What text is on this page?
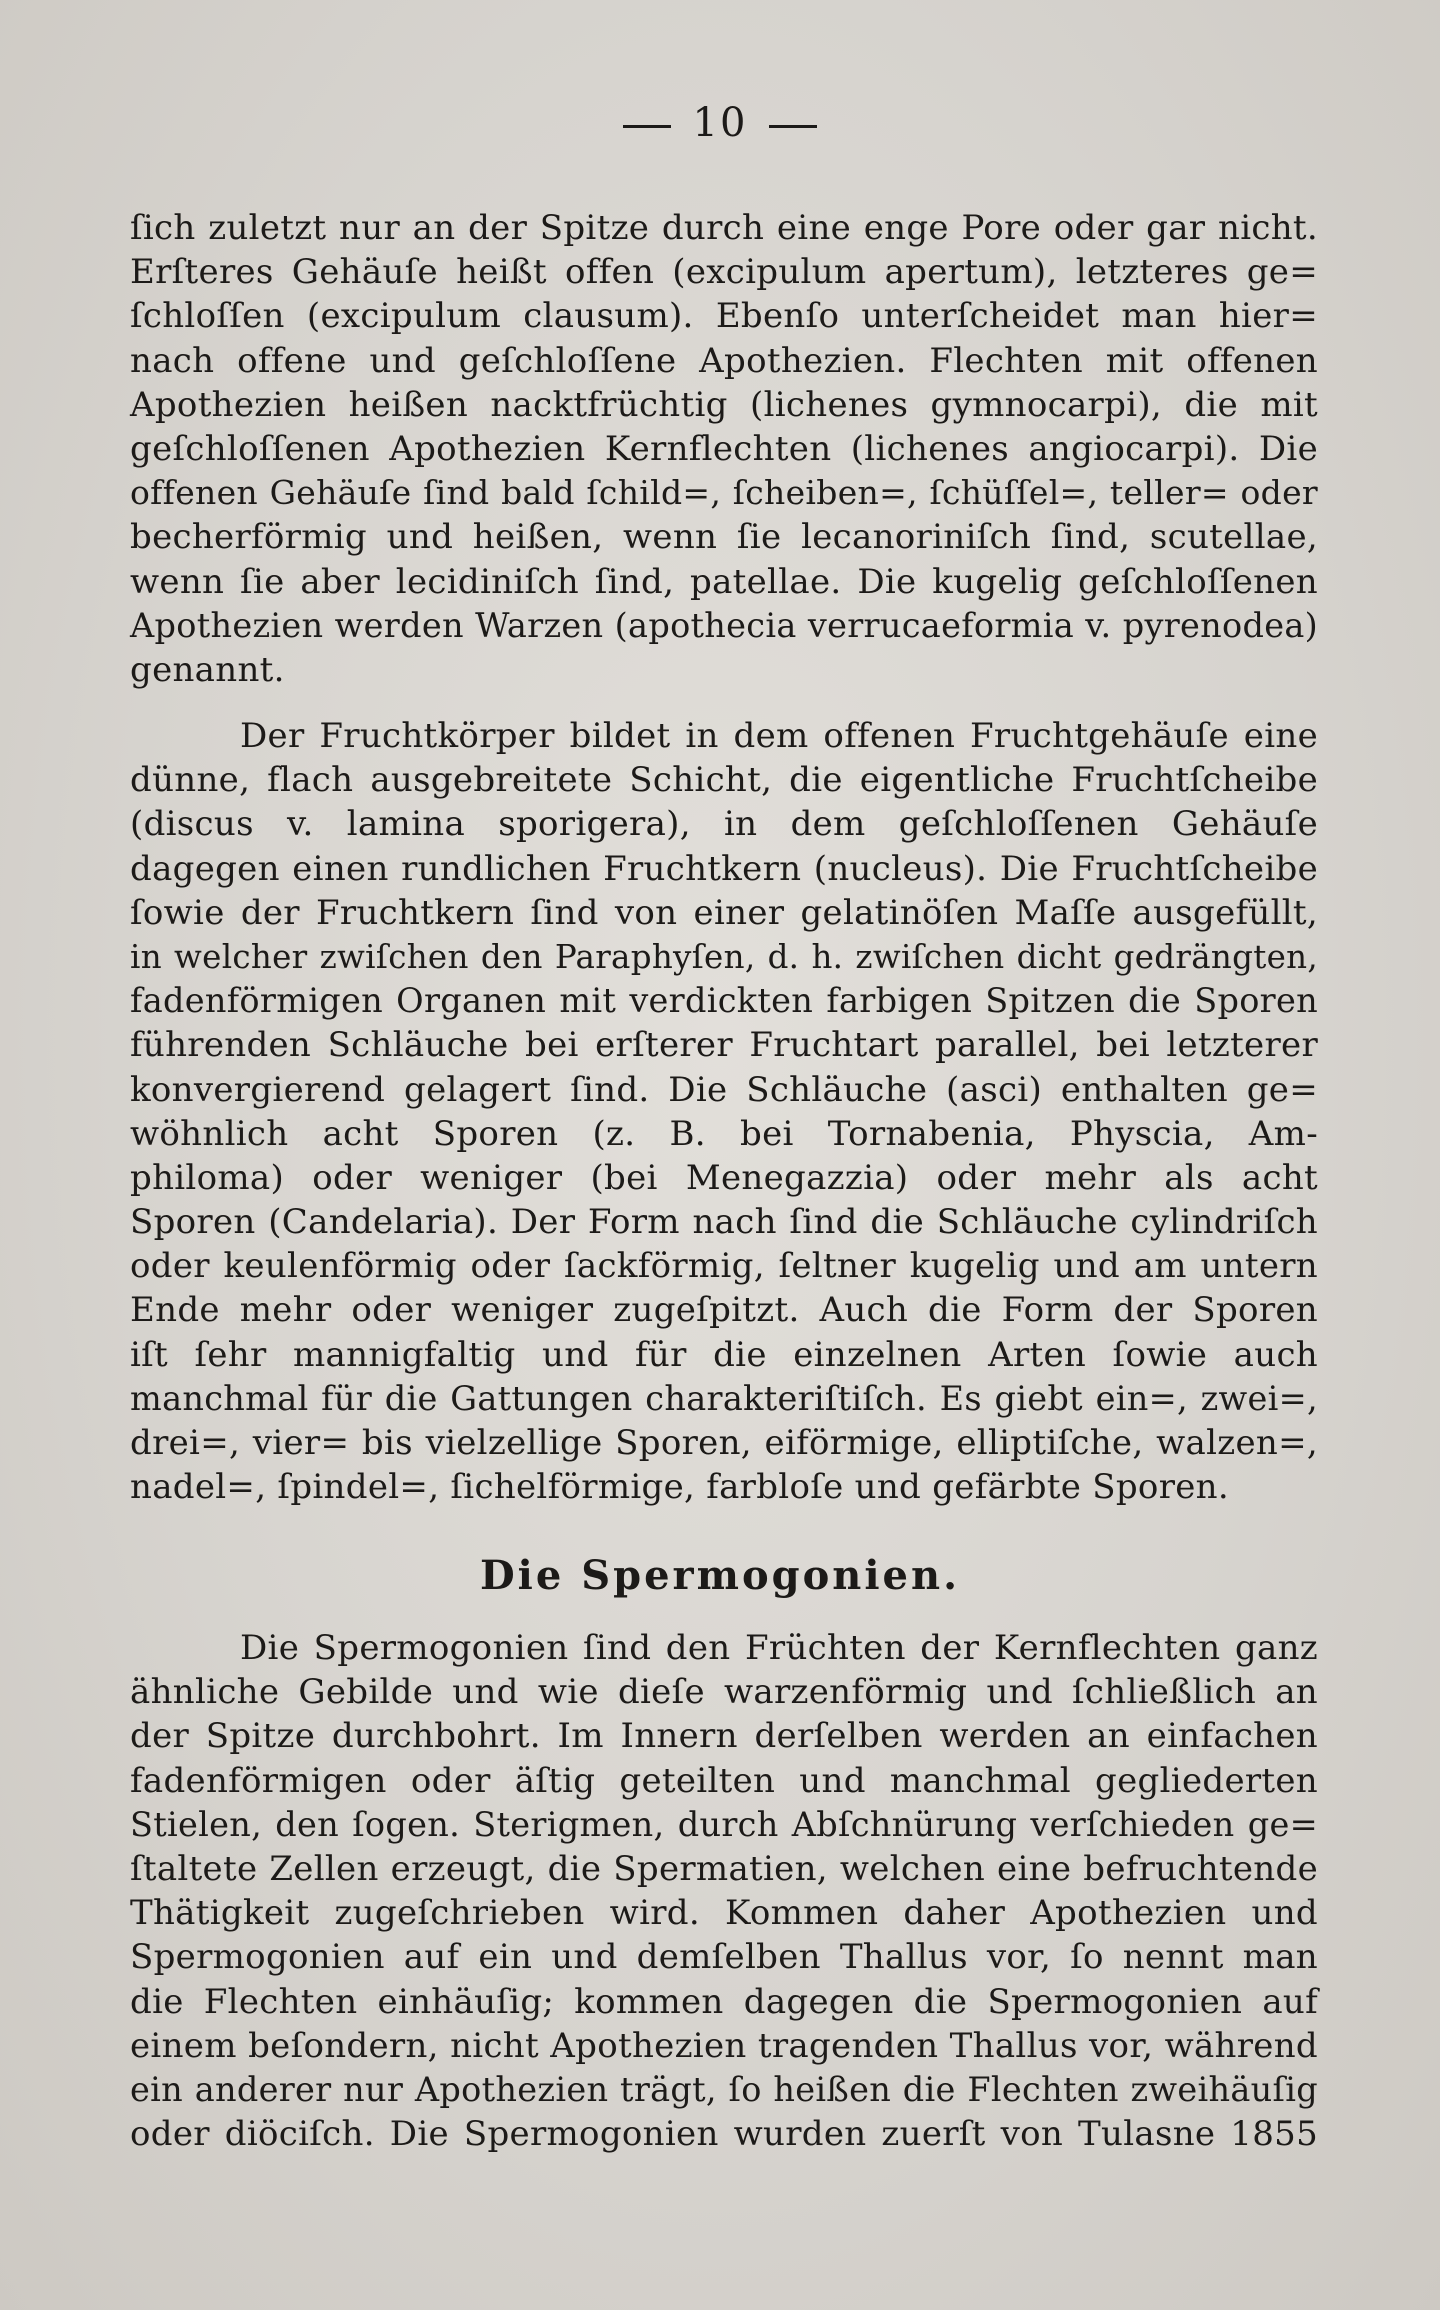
10
ſich zuletzt nur an der Spitze durch eine enge Pore oder gar nicht.
Erſteres Gehäuſe heißt offen (excipulum apertum), letzteres ge=
ſchloſſen (excipulum clausum). Ebenſo unterſcheidet man hier=
nach offene und geſchloſſene Apothezien. Flechten mit offenen
Apothezien heißen nacktfrüchtig (lichenes gymnocarpi), die mit
geſchloſſenen Apothezien Kernflechten (lichenes angiocarpi). Die
offenen Gehäuſe ſind bald ſchild=, ſcheiben=, ſchüſſel=, teller= oder
becherförmig und heißen, wenn ſie lecanoriniſch ſind, scutellae,
wenn ſie aber lecidiniſch ſind, patellae. Die kugelig geſchloſſenen
Apothezien werden Warzen (apothecia verrucaeformia v. pyrenodea)
genannt.
Der Fruchtkörper bildet in dem offenen Fruchtgehäuſe eine
dünne, flach ausgebreitete Schicht, die eigentliche Fruchtſcheibe
(discus v. lamina sporigera), in dem geſchloſſenen Gehäuſe
dagegen einen rundlichen Fruchtkern (nucleus). Die Fruchtſcheibe
ſowie der Fruchtkern ſind von einer gelatinöſen Maſſe ausgefüllt,
in welcher zwiſchen den Paraphyſen, d. h. zwiſchen dicht gedrängten,
fadenförmigen Organen mit verdickten farbigen Spitzen die Sporen
führenden Schläuche bei erſterer Fruchtart parallel, bei letzterer
konvergierend gelagert ſind. Die Schläuche (asci) enthalten ge=
wöhnlich acht Sporen (z. B. bei Tornabenia, Physcia, Am-
philoma) oder weniger (bei Menegazzia) oder mehr als acht
Sporen (Candelaria). Der Form nach ſind die Schläuche cylindriſch
oder keulenförmig oder ſackförmig, ſeltner kugelig und am untern
Ende mehr oder weniger zugeſpitzt. Auch die Form der Sporen
iſt ſehr mannigfaltig und für die einzelnen Arten ſowie auch
manchmal für die Gattungen charakteriſtiſch. Es giebt ein=, zwei=,
drei=, vier= bis vielzellige Sporen, eiförmige, elliptiſche, walzen=,
nadel=, ſpindel=, ſichelförmige, farbloſe und gefärbte Sporen.
Die Spermogonien.
Die Spermogonien ſind den Früchten der Kernflechten ganz
ähnliche Gebilde und wie dieſe warzenförmig und ſchließlich an
der Spitze durchbohrt. Im Innern derſelben werden an einfachen
fadenförmigen oder äſtig geteilten und manchmal gegliederten
Stielen, den ſogen. Sterigmen, durch Abſchnürung verſchieden ge=
ſtaltete Zellen erzeugt, die Spermatien, welchen eine befruchtende
Thätigkeit zugeſchrieben wird. Kommen daher Apothezien und
Spermogonien auf ein und demſelben Thallus vor, ſo nennt man
die Flechten einhäuſig; kommen dagegen die Spermogonien auf
einem beſondern, nicht Apothezien tragenden Thallus vor, während
ein anderer nur Apothezien trägt, ſo heißen die Flechten zweihäuſig
oder diöciſch. Die Spermogonien wurden zuerſt von Tulasne 1855
